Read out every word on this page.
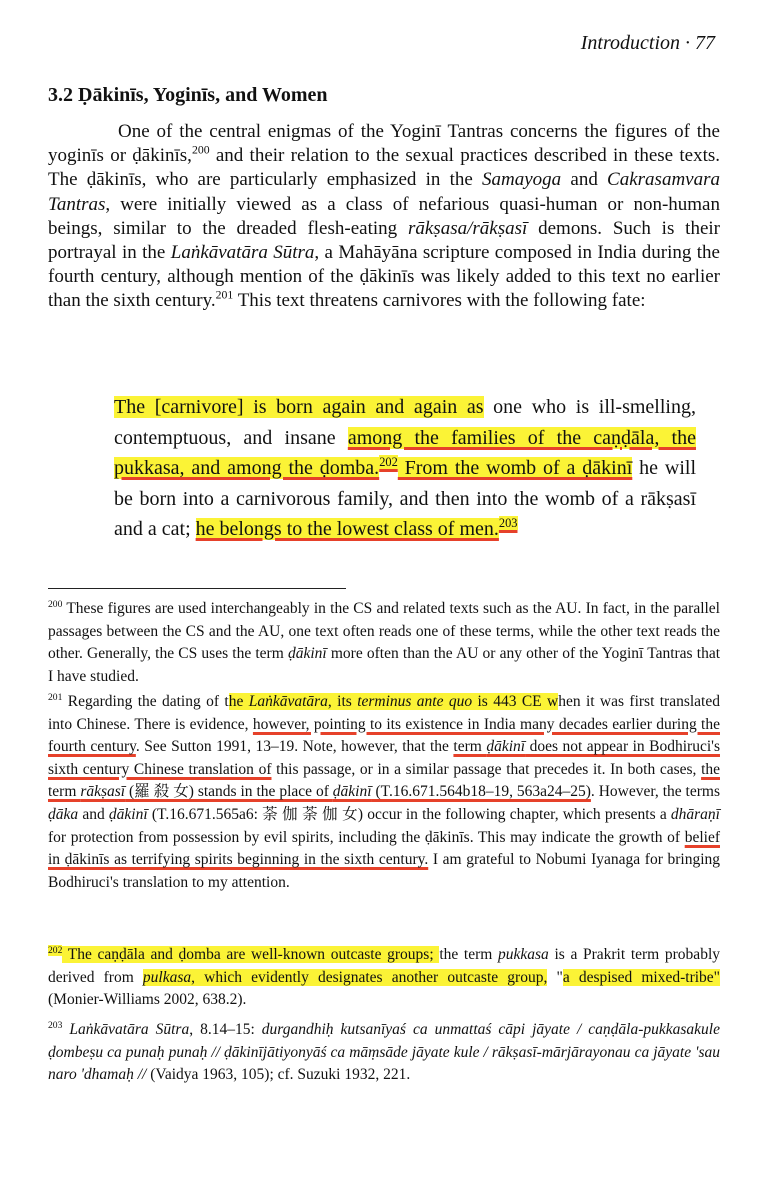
Introduction · 77
3.2 Ḍākinīs, Yoginīs, and Women
One of the central enigmas of the Yoginī Tantras concerns the figures of the yoginīs or ḍākinīs,$^{200}$ and their relation to the sexual practices described in these texts. The ḍākinīs, who are particularly emphasized in the Samayoga and Cakrasamvara Tantras, were initially viewed as a class of nefarious quasi-human or non-human beings, similar to the dreaded flesh-eating rākṣasa/rākṣasī demons. Such is their portrayal in the Laṅkāvatāra Sūtra, a Mahāyāna scripture composed in India during the fourth century, although mention of the ḍākinīs was likely added to this text no earlier than the sixth century.$^{201}$ This text threatens carnivores with the following fate:
The [carnivore] is born again and again as one who is ill-smelling, contemptuous, and insane among the families of the caṇḍāla, the pukkasa, and among the ḍomba.$^{202}$ From the womb of a ḍākinī he will be born into a carnivorous family, and then into the womb of a rākṣasī and a cat; he belongs to the lowest class of men.$^{203}$
$^{200}$ These figures are used interchangeably in the CS and related texts such as the AU. In fact, in the parallel passages between the CS and the AU, one text often reads one of these terms, while the other text reads the other. Generally, the CS uses the term ḍākinī more often than the AU or any other of the Yoginī Tantras that I have studied.
$^{201}$ Regarding the dating of the Laṅkāvatāra, its terminus ante quo is 443 CE when it was first translated into Chinese. There is evidence, however, pointing to its existence in India many decades earlier during the fourth century. See Sutton 1991, 13–19. Note, however, that the term ḍākinī does not appear in Bodhiruci's sixth century Chinese translation of this passage, or in a similar passage that precedes it. In both cases, the term rākṣasī (羅 殺 女) stands in the place of ḍākinī (T.16.671.564b18–19, 563a24–25). However, the terms ḍāka and ḍākinī (T.16.671.565a6: 荼 伽 荼 伽 女) occur in the following chapter, which presents a dhāraṇī for protection from possession by evil spirits, including the ḍākinīs. This may indicate the growth of belief in ḍākinīs as terrifying spirits beginning in the sixth century. I am grateful to Nobumi Iyanaga for bringing Bodhiruci's translation to my attention.
$^{202}$ The caṇḍāla and ḍomba are well-known outcaste groups; the term pukkasa is a Prakrit term probably derived from pulkasa, which evidently designates another outcaste group, "a despised mixed-tribe" (Monier-Williams 2002, 638.2).
$^{203}$ Laṅkāvatāra Sūtra, 8.14–15: durgandhiḥ kutsanīyaś ca unmattaś cāpi jāyate / caṇḍāla-pukkasakule ḍombeṣu ca punaḥ punaḥ // ḍākinījātiyonyāś ca māṃsāde jāyate kule / rākṣasī-mārjārayonau ca jāyate 'sau naro 'dhamaḥ // (Vaidya 1963, 105); cf. Suzuki 1932, 221.
